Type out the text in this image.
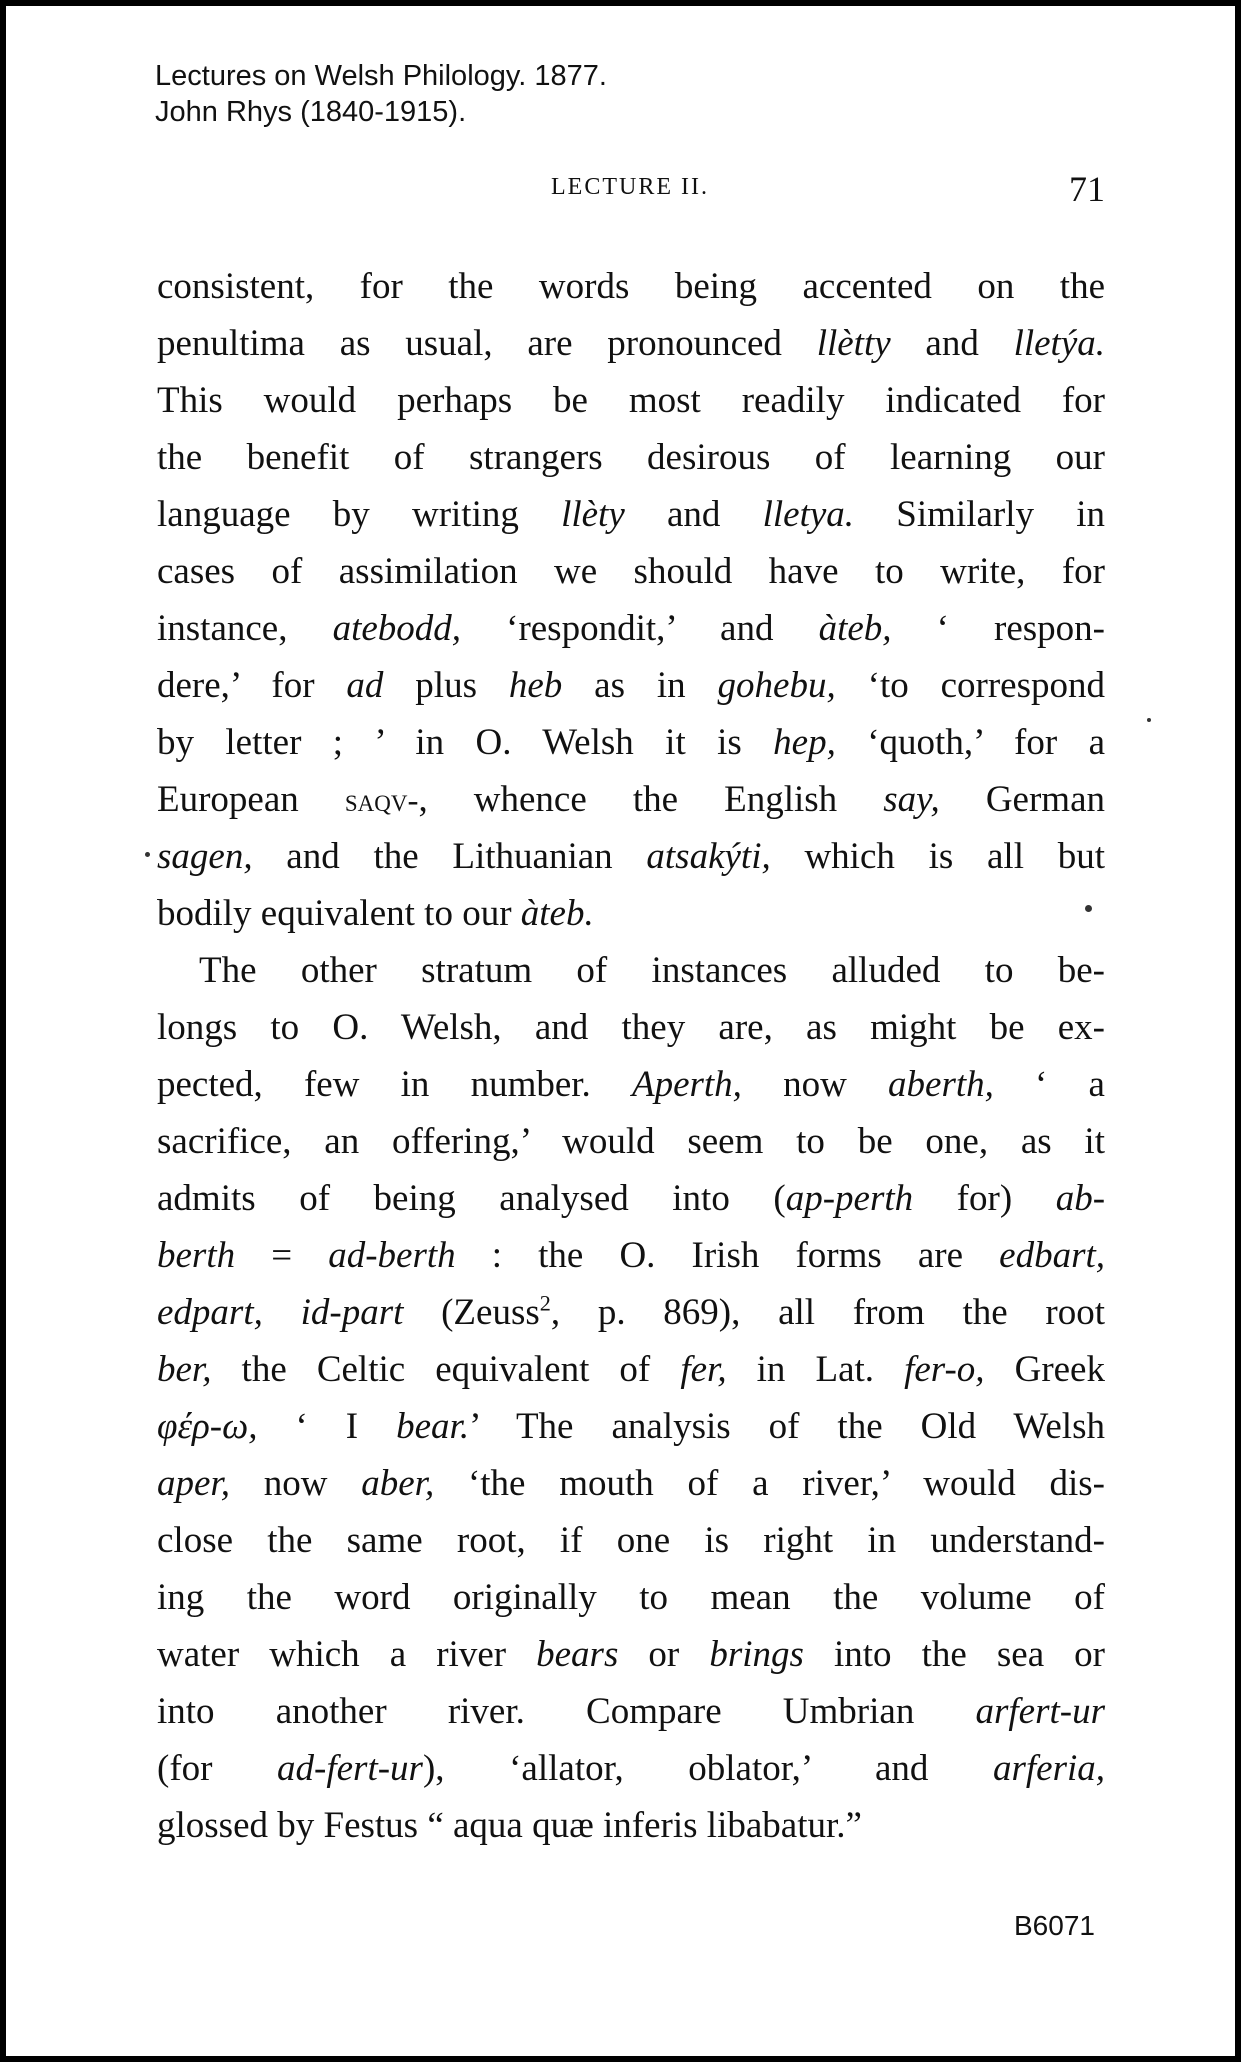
Lectures on Welsh Philology. 1877.
John Rhys (1840-1915).
LECTURE II.	71
consistent, for the words being accented on the
penultima as usual, are pronounced llètty and lletýa.
This would perhaps be most readily indicated for
the benefit of strangers desirous of learning our
language by writing llèty and lletya. Similarly in
cases of assimilation we should have to write, for
instance, atebodd, ‘respondit,’ and àteb, ‘ respon-
dere,’ for ad plus heb as in gohebu, ‘to correspond
by letter ; ’ in O. Welsh it is hep, ‘quoth,’ for a
European saqv-, whence the English say, German
sagen, and the Lithuanian atsakýti, which is all but
bodily equivalent to our àteb.
The other stratum of instances alluded to be-
longs to O. Welsh, and they are, as might be ex-
pected, few in number. Aperth, now aberth, ‘ a
sacrifice, an offering,’ would seem to be one, as it
admits of being analysed into (ap-perth for) ab-
berth = ad-berth : the O. Irish forms are edbart,
edpart, id-part (Zeuss$^2$, p. 869), all from the root
ber, the Celtic equivalent of fer, in Lat. fer-o, Greek
φέρ-ω, ‘ I bear.’ The analysis of the Old Welsh
aper, now aber, ‘the mouth of a river,’ would dis-
close the same root, if one is right in understand-
ing the word originally to mean the volume of
water which a river bears or brings into the sea or
into another river. Compare Umbrian arfert-ur
(for ad-fert-ur), ‘allator, oblator,’ and arferia,
glossed by Festus “ aqua quæ inferis libabatur.”
B6071
